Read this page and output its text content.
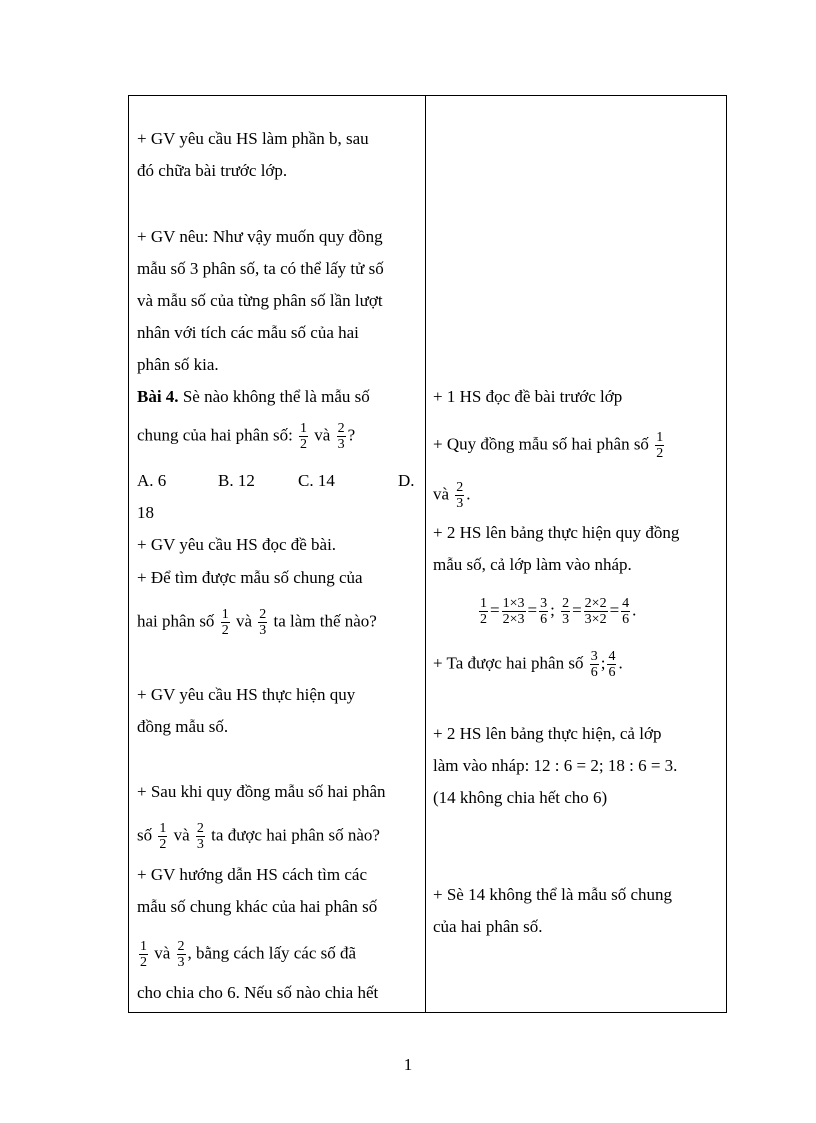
+ GV yêu cầu HS làm phần b, sau
đó chữa bài trước lớp.
+ GV nêu: Như vậy muốn quy đồng
mẫu số 3 phân số, ta có thể lấy tử số
và mẫu số của từng phân số lần lượt
nhân với tích các mẫu số của hai
phân số kia.
Bài 4. Sè nào không thể là mẫu số
chung của hai phân số: $\frac{1}{2}$ và $\frac{2}{3}$ ?
A. 6	B. 12	C. 14	D.
18
+ GV yêu cầu HS đọc đề bài.
+ Để tìm được mẫu số chung của
hai phân số $\frac{1}{2}$ và $\frac{2}{3}$ ta làm thế nào?
+ GV yêu cầu HS thực hiện quy
đồng mẫu số.
+ Sau khi quy đồng mẫu số hai phân
số $\frac{1}{2}$ và $\frac{2}{3}$ ta được hai phân số nào?
+ GV hướng dẫn HS cách tìm các
mẫu số chung khác của hai phân số
$\frac{1}{2}$ và $\frac{2}{3}$ , bằng cách lấy các số đã
cho chia cho 6. Nếu số nào chia hết
+ 1 HS đọc đề bài trước lớp
+ Quy đồng mẫu số hai phân số $\frac{1}{2}$
và $\frac{2}{3}$ .
+ 2 HS lên bảng thực hiện quy đồng
mẫu số, cả lớp làm vào nháp.
$\frac{1}{2} = \frac{1\times 3}{2\times 3} = \frac{3}{6}$ ; $\frac{2}{3} = \frac{2\times 2}{3\times 2} = \frac{4}{6}$ .
+ Ta được hai phân số $\frac{3}{6}$ ; $\frac{4}{6}$ .
+ 2 HS lên bảng thực hiện, cả lớp
làm vào nháp: 12 : 6 = 2; 18 : 6 = 3.
(14 không chia hết cho 6)
+ Sè 14 không thể là mẫu số chung
của hai phân số.
1
